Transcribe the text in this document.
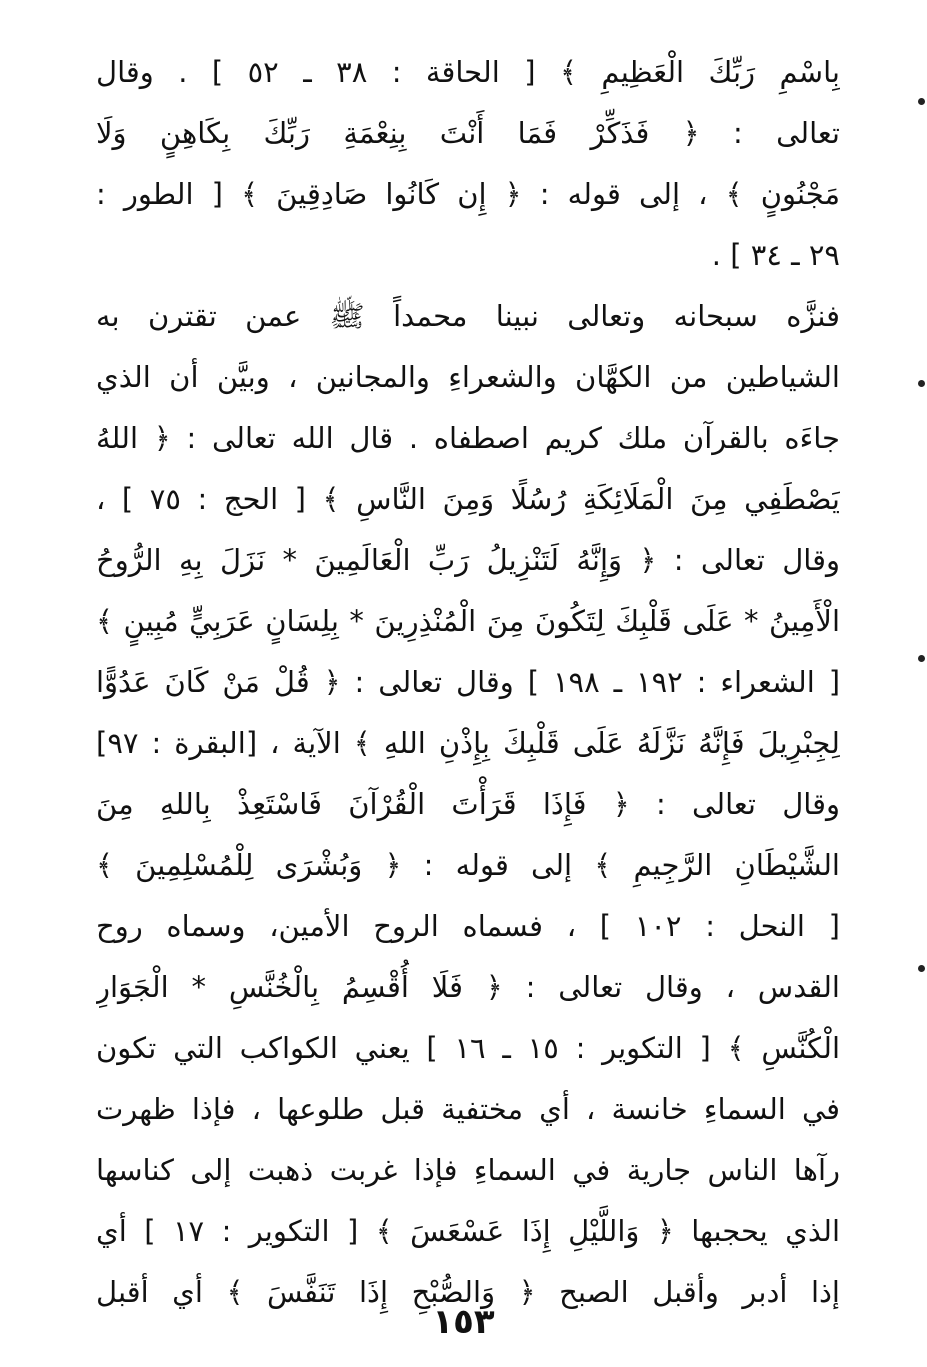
بِاسْمِ رَبِّكَ الْعَظِيمِ ﴾ [ الحاقة : ٣٨ ـ ٥٢ ] . وقال
تعالى : ﴿ فَذَكِّرْ فَمَا أَنْتَ بِنِعْمَةِ رَبِّكَ بِكَاهِنٍ وَلَا
مَجْنُونٍ ﴾ ، إلى قوله : ﴿ إِن كَانُوا صَادِقِينَ ﴾ [ الطور :
٢٩ ـ ٣٤ ] .
فنزَّه سبحانه وتعالى نبينا محمداً ﷺ عمن تقترن به
الشياطين من الكهَّان والشعراءِ والمجانين ، وبيَّن أن الذي
جاءَه بالقرآن ملك كريم اصطفاه . قال الله تعالى : ﴿ اللهُ
يَصْطَفِي مِنَ الْمَلَائِكَةِ رُسُلًا وَمِنَ النَّاسِ ﴾ [ الحج : ٧٥ ] ،
وقال تعالى : ﴿ وَإِنَّهُ لَتَنْزِيلُ رَبِّ الْعَالَمِينَ * نَزَلَ بِهِ الرُّوحُ
الْأَمِينُ * عَلَى قَلْبِكَ لِتَكُونَ مِنَ الْمُنْذِرِينَ * بِلِسَانٍ عَرَبِيٍّ مُبِينٍ ﴾
[ الشعراء : ١٩٢ ـ ١٩٨ ] وقال تعالى : ﴿ قُلْ مَنْ كَانَ عَدُوًّا
لِجِبْرِيلَ فَإِنَّهُ نَزَّلَهُ عَلَى قَلْبِكَ بِإِذْنِ اللهِ ﴾ الآية ، [البقرة : ٩٧]
وقال تعالى : ﴿ فَإِذَا قَرَأْتَ الْقُرْآنَ فَاسْتَعِذْ بِاللهِ مِنَ
الشَّيْطَانِ الرَّجِيمِ ﴾ إلى قوله : ﴿ وَبُشْرَى لِلْمُسْلِمِينَ ﴾
[ النحل : ١٠٢ ] ، فسماه الروح الأمين، وسماه روح
القدس ، وقال تعالى : ﴿ فَلَا أُقْسِمُ بِالْخُنَّسِ * الْجَوَارِ
الْكُنَّسِ ﴾ [ التكوير : ١٥ ـ ١٦ ] يعني الكواكب التي تكون
في السماءِ خانسة ، أي مختفية قبل طلوعها ، فإذا ظهرت
رآها الناس جارية في السماءِ فإذا غربت ذهبت إلى كناسها
الذي يحجبها ﴿ وَاللَّيْلِ إِذَا عَسْعَسَ ﴾ [ التكوير : ١٧ ] أي
إذا أدبر وأقبل الصبح ﴿ وَالصُّبْحِ إِذَا تَنَفَّسَ ﴾ أي أقبل
١٥٣
